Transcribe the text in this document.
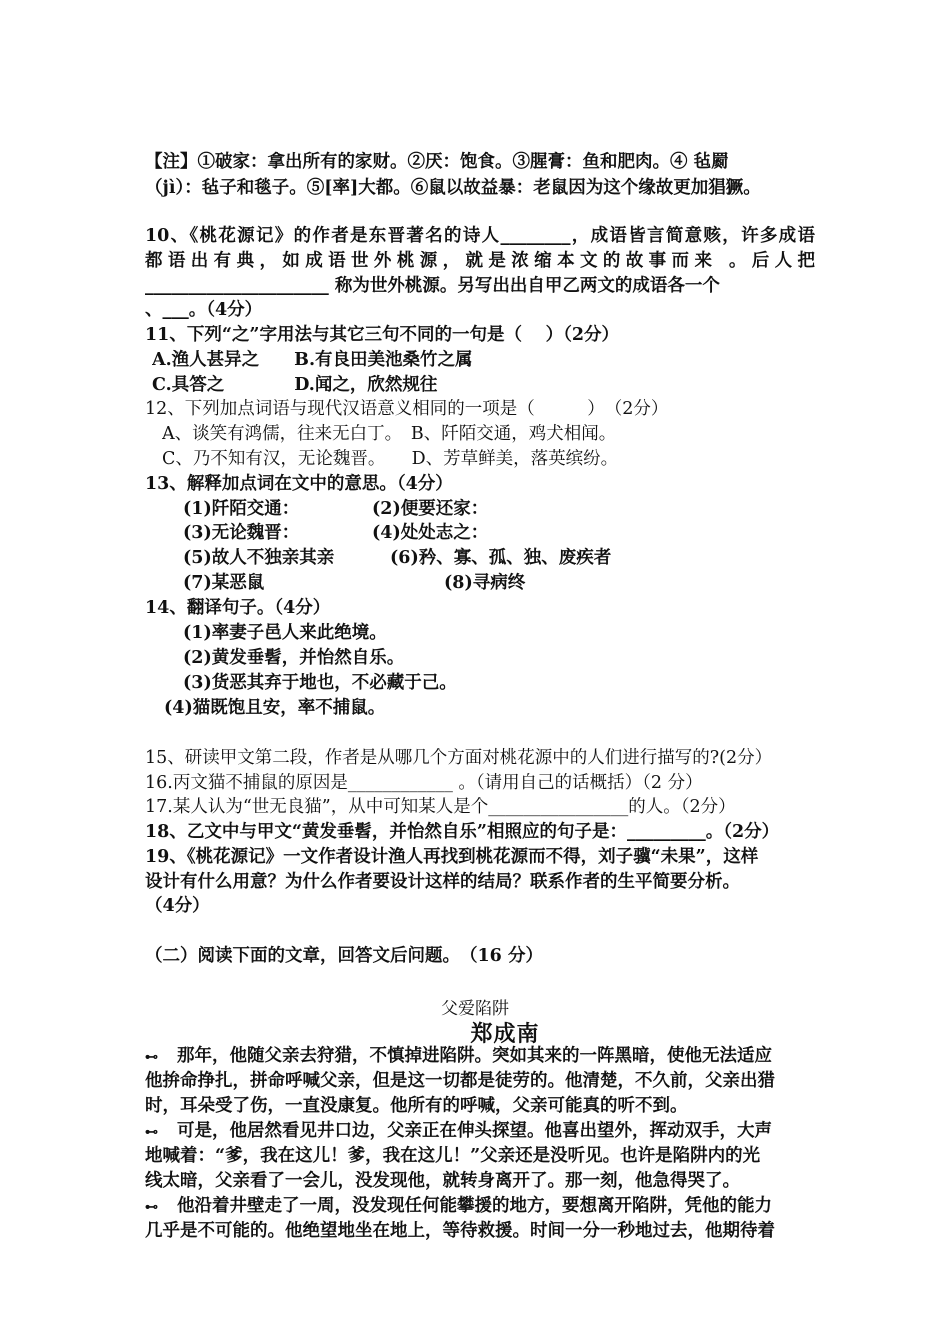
【注】①破家：拿出所有的家财。②厌：饱食。③腥膏：鱼和肥肉。④ 毡罽
（jì）：毡子和毯子。⑤[率]大都。⑥鼠以故益暴：老鼠因为这个缘故更加猖獗。
10、《桃花源记》的作者是东晋著名的诗人________，成语皆言简意赅，许多成语
都语出有典，如成语世外桃源，就是浓缩本文的故事而来 。后人把
_____________________ 称为世外桃源。另写出出自甲乙两文的成语各一个
、___。（4分）
11、下列“之”字用法与其它三句不同的一句是（　 ）（2分）
A.渔人甚异之　　B.有良田美池桑竹之属
C.具答之　　　　D.闻之，欣然规往
12、下列加点词语与现代汉语意义相同的一项是（　　　）　（2分）
A、谈笑有鸿儒，往来无白丁。　B、阡陌交通，鸡犬相闻。
C、乃不知有汉，无论魏晋。　　D、芳草鲜美，落英缤纷。
13、解释加点词在文中的意思。（4分）
(1)阡陌交通：	(2)便要还家：
(3)无论魏晋：	(4)处处志之：
(5)故人不独亲其亲	(6)矜、寡、孤、独、废疾者
(7)某恶鼠	(8)寻病终
14、翻译句子。（4分）
(1)率妻子邑人来此绝境。
(2)黄发垂髫，并怡然自乐。
(3)货恶其弃于地也，不必藏于己。
(4)猫既饱且安，率不捕鼠。
15、研读甲文第二段，作者是从哪几个方面对桃花源中的人们进行描写的?(2分）
16.丙文猫不捕鼠的原因是____________ 。（请用自己的话概括）（2 分）
17.某人认为“世无良猫”，从中可知某人是个________________的人。（2分）
18、乙文中与甲文“黄发垂髫，并怡然自乐”相照应的句子是：_________。（2分）
19、《桃花源记》一文作者设计渔人再找到桃花源而不得，刘子骥“未果”，这样
设计有什么用意？为什么作者要设计这样的结局？联系作者的生平简要分析。
（4分）
（二）阅读下面的文章，回答文后问题。　（16 分）
父爱陷阱
郑成南
⊷ 那年，他随父亲去狩猎，不慎掉进陷阱。突如其来的一阵黑暗，使他无法适应
他拚命挣扎，拼命呼喊父亲，但是这一切都是徒劳的。他清楚，不久前，父亲出猎
时，耳朵受了伤，一直没康复。他所有的呼喊，父亲可能真的听不到。
⊷ 可是，他居然看见井口边，父亲正在伸头探望。他喜出望外，挥动双手，大声
地喊着：“爹，我在这儿！爹，我在这儿！”父亲还是没听见。也许是陷阱内的光
线太暗，父亲看了一会儿，没发现他，就转身离开了。那一刻，他急得哭了。
⊷ 他沿着井壁走了一周，没发现任何能攀援的地方，要想离开陷阱，凭他的能力
几乎是不可能的。他绝望地坐在地上，等待救援。时间一分一秒地过去，他期待着
